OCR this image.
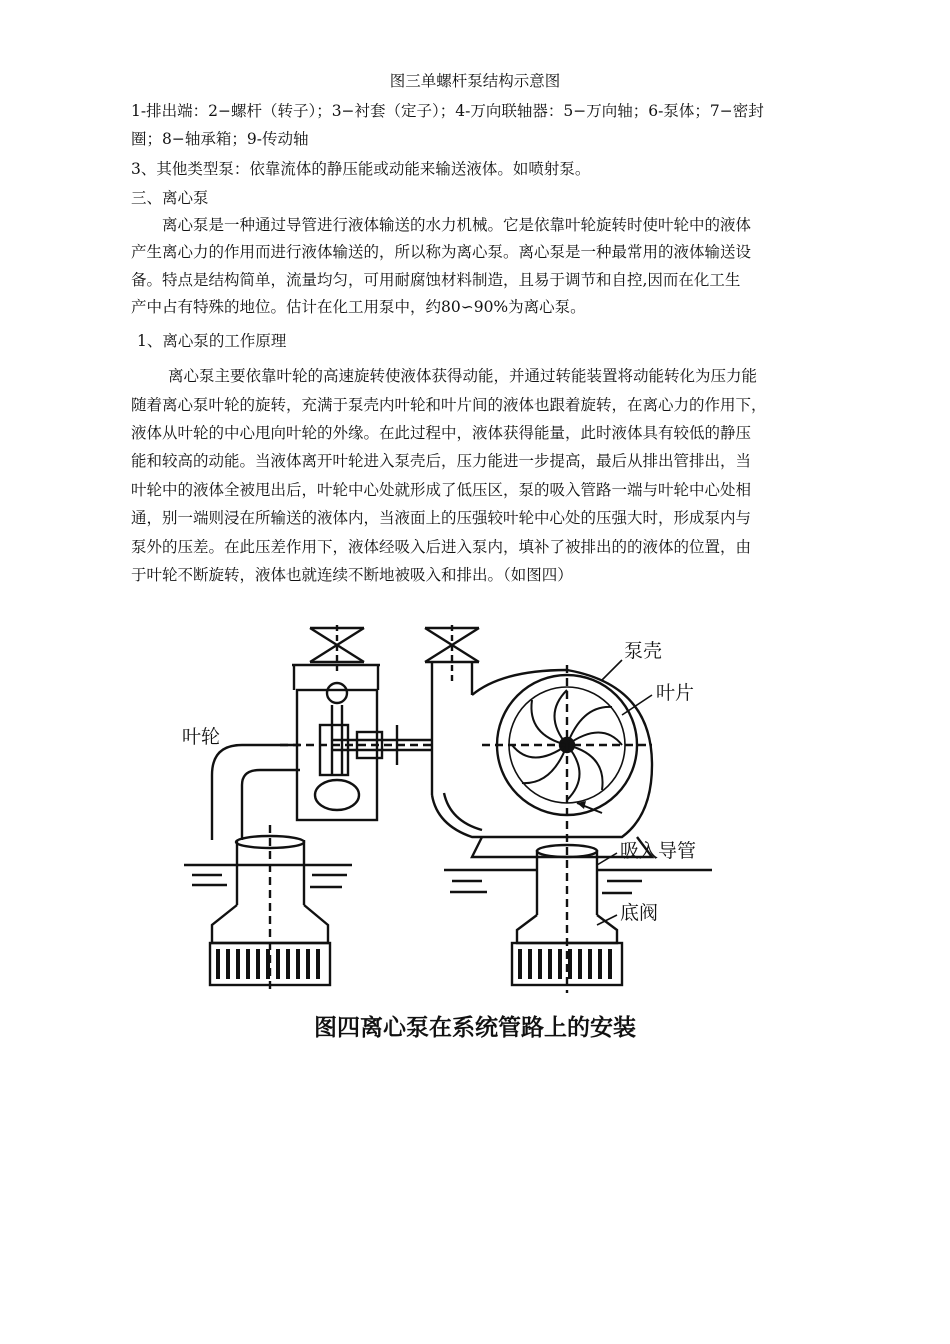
图三单螺杆泵结构示意图
1-排出端：2−螺杆（转子）；3−衬套（定子）；4-万向联轴器：5−万向轴；6-泵体；7−密封
圈；8−轴承箱；9-传动轴
3、其他类型泵：依靠流体的静压能或动能来输送液体。如喷射泵。
三、离心泵
离心泵是一种通过导管进行液体输送的水力机械。它是依靠叶轮旋转时使叶轮中的液体
产生离心力的作用而进行液体输送的，所以称为离心泵。离心泵是一种最常用的液体输送设
备。特点是结构简单，流量均匀，可用耐腐蚀材料制造，且易于调节和自控,因而在化工生
产中占有特殊的地位。估计在化工用泵中，约80∽90%为离心泵。
1、离心泵的工作原理
离心泵主要依靠叶轮的高速旋转使液体获得动能，并通过转能装置将动能转化为压力能
随着离心泵叶轮的旋转，充满于泵壳内叶轮和叶片间的液体也跟着旋转，在离心力的作用下，
液体从叶轮的中心甩向叶轮的外缘。在此过程中，液体获得能量，此时液体具有较低的静压
能和较高的动能。当液体离开叶轮进入泵壳后，压力能进一步提高，最后从排出管排出，当
叶轮中的液体全被甩出后，叶轮中心处就形成了低压区，泵的吸入管路一端与叶轮中心处相
通，别一端则浸在所输送的液体内，当液面上的压强较叶轮中心处的压强大时，形成泵内与
泵外的压差。在此压差作用下，液体经吸入后进入泵内，填补了被排出的的液体的位置，由
于叶轮不断旋转，液体也就连续不断地被吸入和排出。（如图四）
叶轮
泵壳
叶片
吸入导管
底阀
图四离心泵在系统管路上的安装
